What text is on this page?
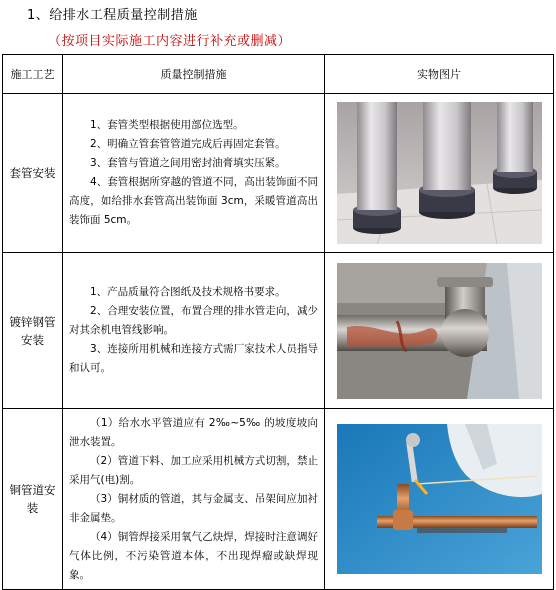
1、给排水工程质量控制措施
（按项目实际施工内容进行补充或删减）
施工工艺	质量控制措施	实物图片
套管安装	1、套管类型根据使用部位选型。

2、明确立管套管管道完成后再固定套管。

3、套管与管道之间用密封油膏填实压紧。

4、套管根据所穿越的管道不同，高出装饰面不同高度，如给排水套管高出装饰面 3cm，采暖管道高出装饰面 5cm。

镀锌钢管安装	1、产品质量符合图纸及技术规格书要求。

2、合理安装位置，布置合理的排水管走向，减少对其余机电管线影响。

3、连接所用机械和连接方式需厂家技术人员指导和认可。

铜管道安装	（1）给水水平管道应有 2‰~5‰ 的坡度坡向泄水装置。

（2）管道下料、加工应采用机械方式切割，禁止采用气(电)割。

（3）铜材质的管道，其与金属支、吊架间应加衬非金属垫。

（4）铜管焊接采用氧气乙炔焊，焊接时注意调好气体比例，不污染管道本体，不出现焊瘤或缺焊现象。
